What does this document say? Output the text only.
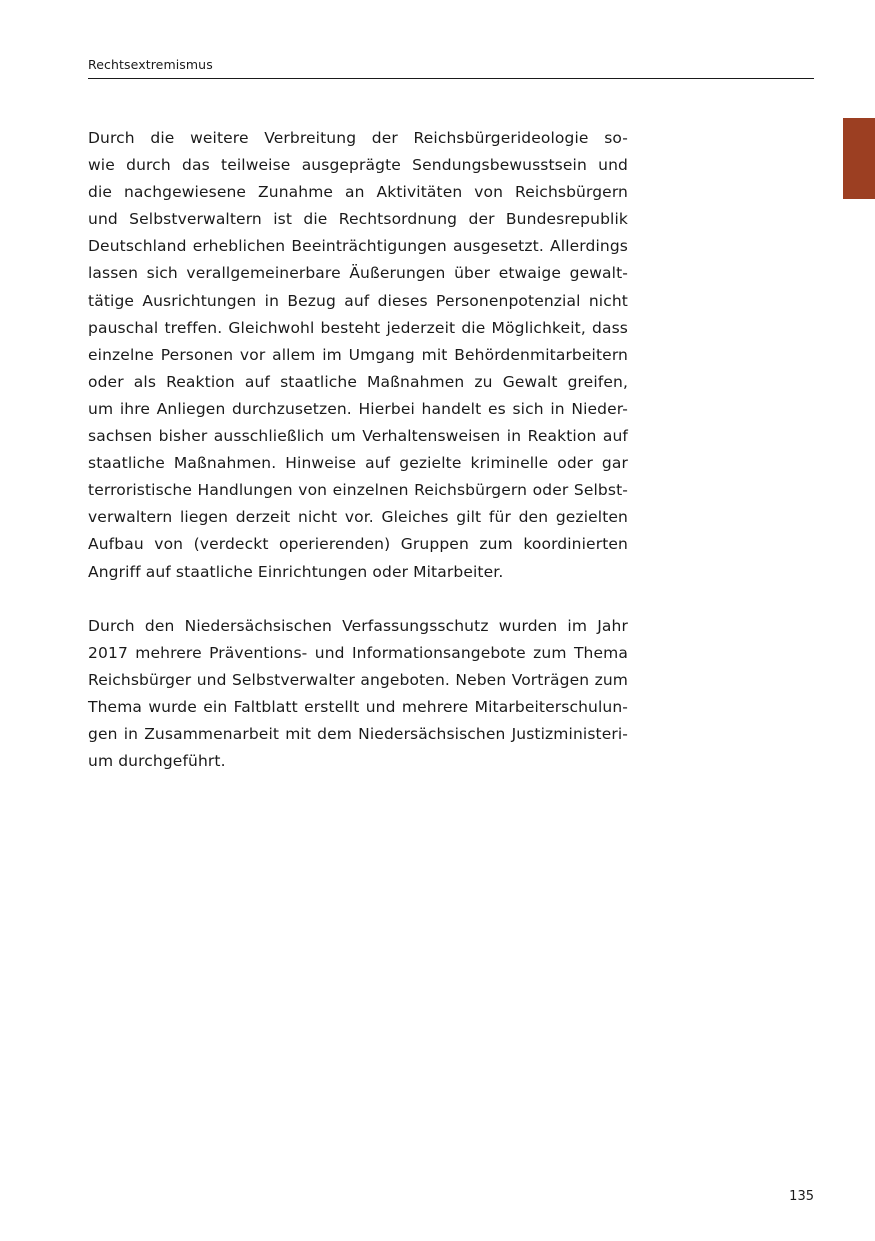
Rechtsextremismus
Durch die weitere Verbreitung der Reichsbürgerideologie so-
wie durch das teilweise ausgeprägte Sendungsbewusstsein und
die nachgewiesene Zunahme an Aktivitäten von Reichsbürgern
und Selbstverwaltern ist die Rechtsordnung der Bundesrepublik
Deutschland erheblichen Beeinträchtigungen ausgesetzt. Allerdings
lassen sich verallgemeinerbare Äußerungen über etwaige gewalt-
tätige Ausrichtungen in Bezug auf dieses Personenpotenzial nicht
pauschal treffen. Gleichwohl besteht jederzeit die Möglichkeit, dass
einzelne Personen vor allem im Umgang mit Behördenmitarbeitern
oder als Reaktion auf staatliche Maßnahmen zu Gewalt greifen,
um ihre Anliegen durchzusetzen. Hierbei handelt es sich in Nieder-
sachsen bisher ausschließlich um Verhaltensweisen in Reaktion auf
staatliche Maßnahmen. Hinweise auf gezielte kriminelle oder gar
terroristische Handlungen von einzelnen Reichsbürgern oder Selbst-
verwaltern liegen derzeit nicht vor. Gleiches gilt für den gezielten
Aufbau von (verdeckt operierenden) Gruppen zum koordinierten
Angriff auf staatliche Einrichtungen oder Mitarbeiter.
Durch den Niedersächsischen Verfassungsschutz wurden im Jahr
2017 mehrere Präventions- und Informationsangebote zum Thema
Reichsbürger und Selbstverwalter angeboten. Neben Vorträgen zum
Thema wurde ein Faltblatt erstellt und mehrere Mitarbeiterschulun-
gen in Zusammenarbeit mit dem Niedersächsischen Justizministeri-
um durchgeführt.
135
